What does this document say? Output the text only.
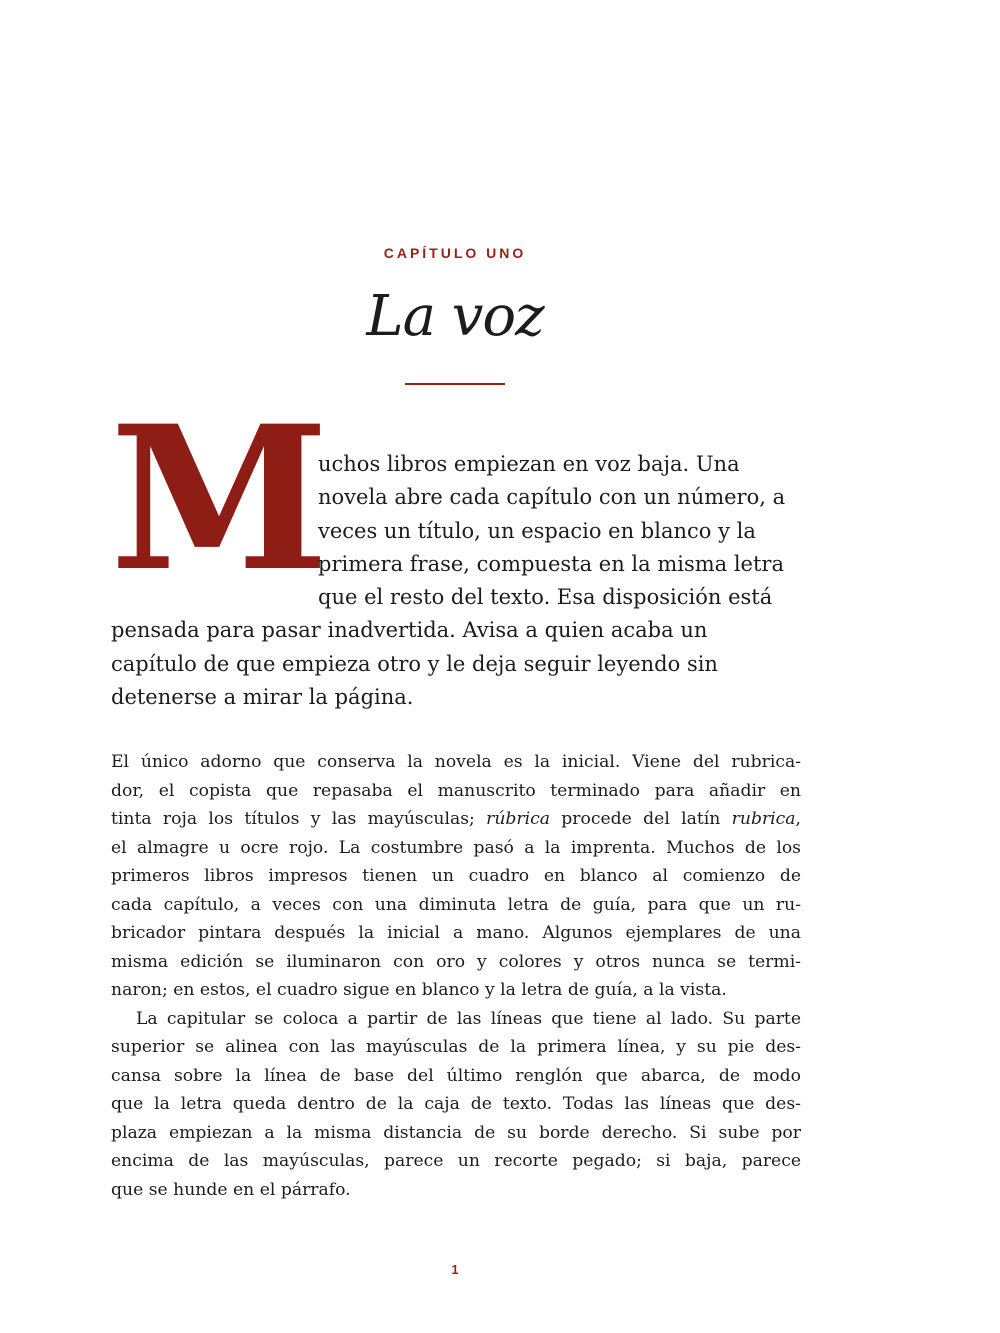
CAPÍTULO UNO
La voz
M
uchos libros empiezan en voz baja. Una
novela abre cada capítulo con un número, a
veces un título, un espacio en blanco y la
primera frase, compuesta en la misma letra
que el resto del texto. Esa disposición está
pensada para pasar inadvertida. Avisa a quien acaba un
capítulo de que empieza otro y le deja seguir leyendo sin
detenerse a mirar la página.
El único adorno que conserva la novela es la inicial. Viene del rubrica-
dor, el copista que repasaba el manuscrito terminado para añadir en
tinta roja los títulos y las mayúsculas; rúbrica procede del latín rubrica,
el almagre u ocre rojo. La costumbre pasó a la imprenta. Muchos de los
primeros libros impresos tienen un cuadro en blanco al comienzo de
cada capítulo, a veces con una diminuta letra de guía, para que un ru-
bricador pintara después la inicial a mano. Algunos ejemplares de una
misma edición se iluminaron con oro y colores y otros nunca se termi-
naron; en estos, el cuadro sigue en blanco y la letra de guía, a la vista.
La capitular se coloca a partir de las líneas que tiene al lado. Su parte
superior se alinea con las mayúsculas de la primera línea, y su pie des-
cansa sobre la línea de base del último renglón que abarca, de modo
que la letra queda dentro de la caja de texto. Todas las líneas que des-
plaza empiezan a la misma distancia de su borde derecho. Si sube por
encima de las mayúsculas, parece un recorte pegado; si baja, parece
que se hunde en el párrafo.
1
